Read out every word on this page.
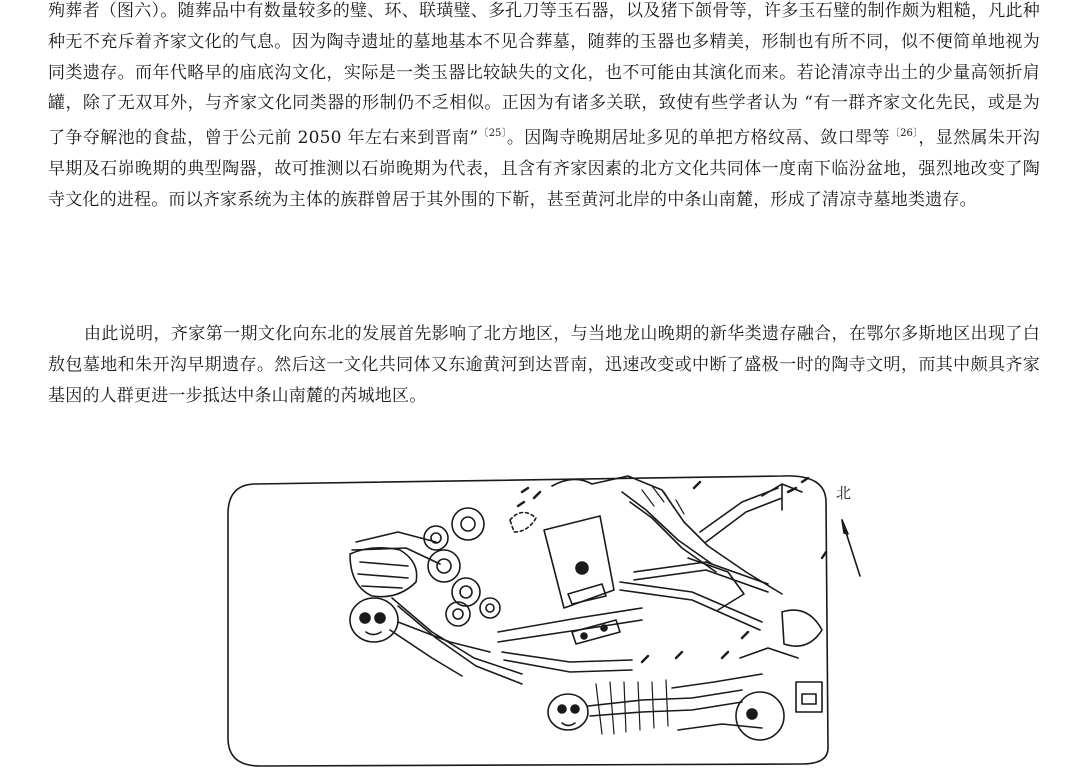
殉葬者（图六）。随葬品中有数量较多的璧、环、联璜璧、多孔刀等玉石器，以及猪下颌骨等，许多玉石璧的制作颇为粗糙，凡此种种无不充斥着齐家文化的气息。因为陶寺遗址的墓地基本不见合葬墓，随葬的玉器也多精美，形制也有所不同，似不便简单地视为同类遗存。而年代略早的庙底沟文化，实际是一类玉器比较缺失的文化，也不可能由其演化而来。若论清凉寺出土的少量高领折肩罐，除了无双耳外，与齐家文化同类器的形制仍不乏相似。正因为有诸多关联，致使有些学者认为 “有一群齐家文化先民，或是为了争夺解池的食盐，曾于公元前 2050 年左右来到晋南”$^{〔25〕}$。因陶寺晚期居址多见的单把方格纹鬲、敛口斝等$^{〔26〕}$，显然属朱开沟早期及石峁晚期的典型陶器，故可推测以石峁晚期为代表，且含有齐家因素的北方文化共同体一度南下临汾盆地，强烈地改变了陶寺文化的进程。而以齐家系统为主体的族群曾居于其外围的下靳，甚至黄河北岸的中条山南麓，形成了清凉寺墓地类遗存。

由此说明，齐家第一期文化向东北的发展首先影响了北方地区，与当地龙山晚期的新华类遗存融合，在鄂尔多斯地区出现了白敖包墓地和朱开沟早期遗存。然后这一文化共同体又东逾黄河到达晋南，迅速改变或中断了盛极一时的陶寺文明，而其中颇具齐家基因的人群更进一步抵达中条山南麓的芮城地区。

北
